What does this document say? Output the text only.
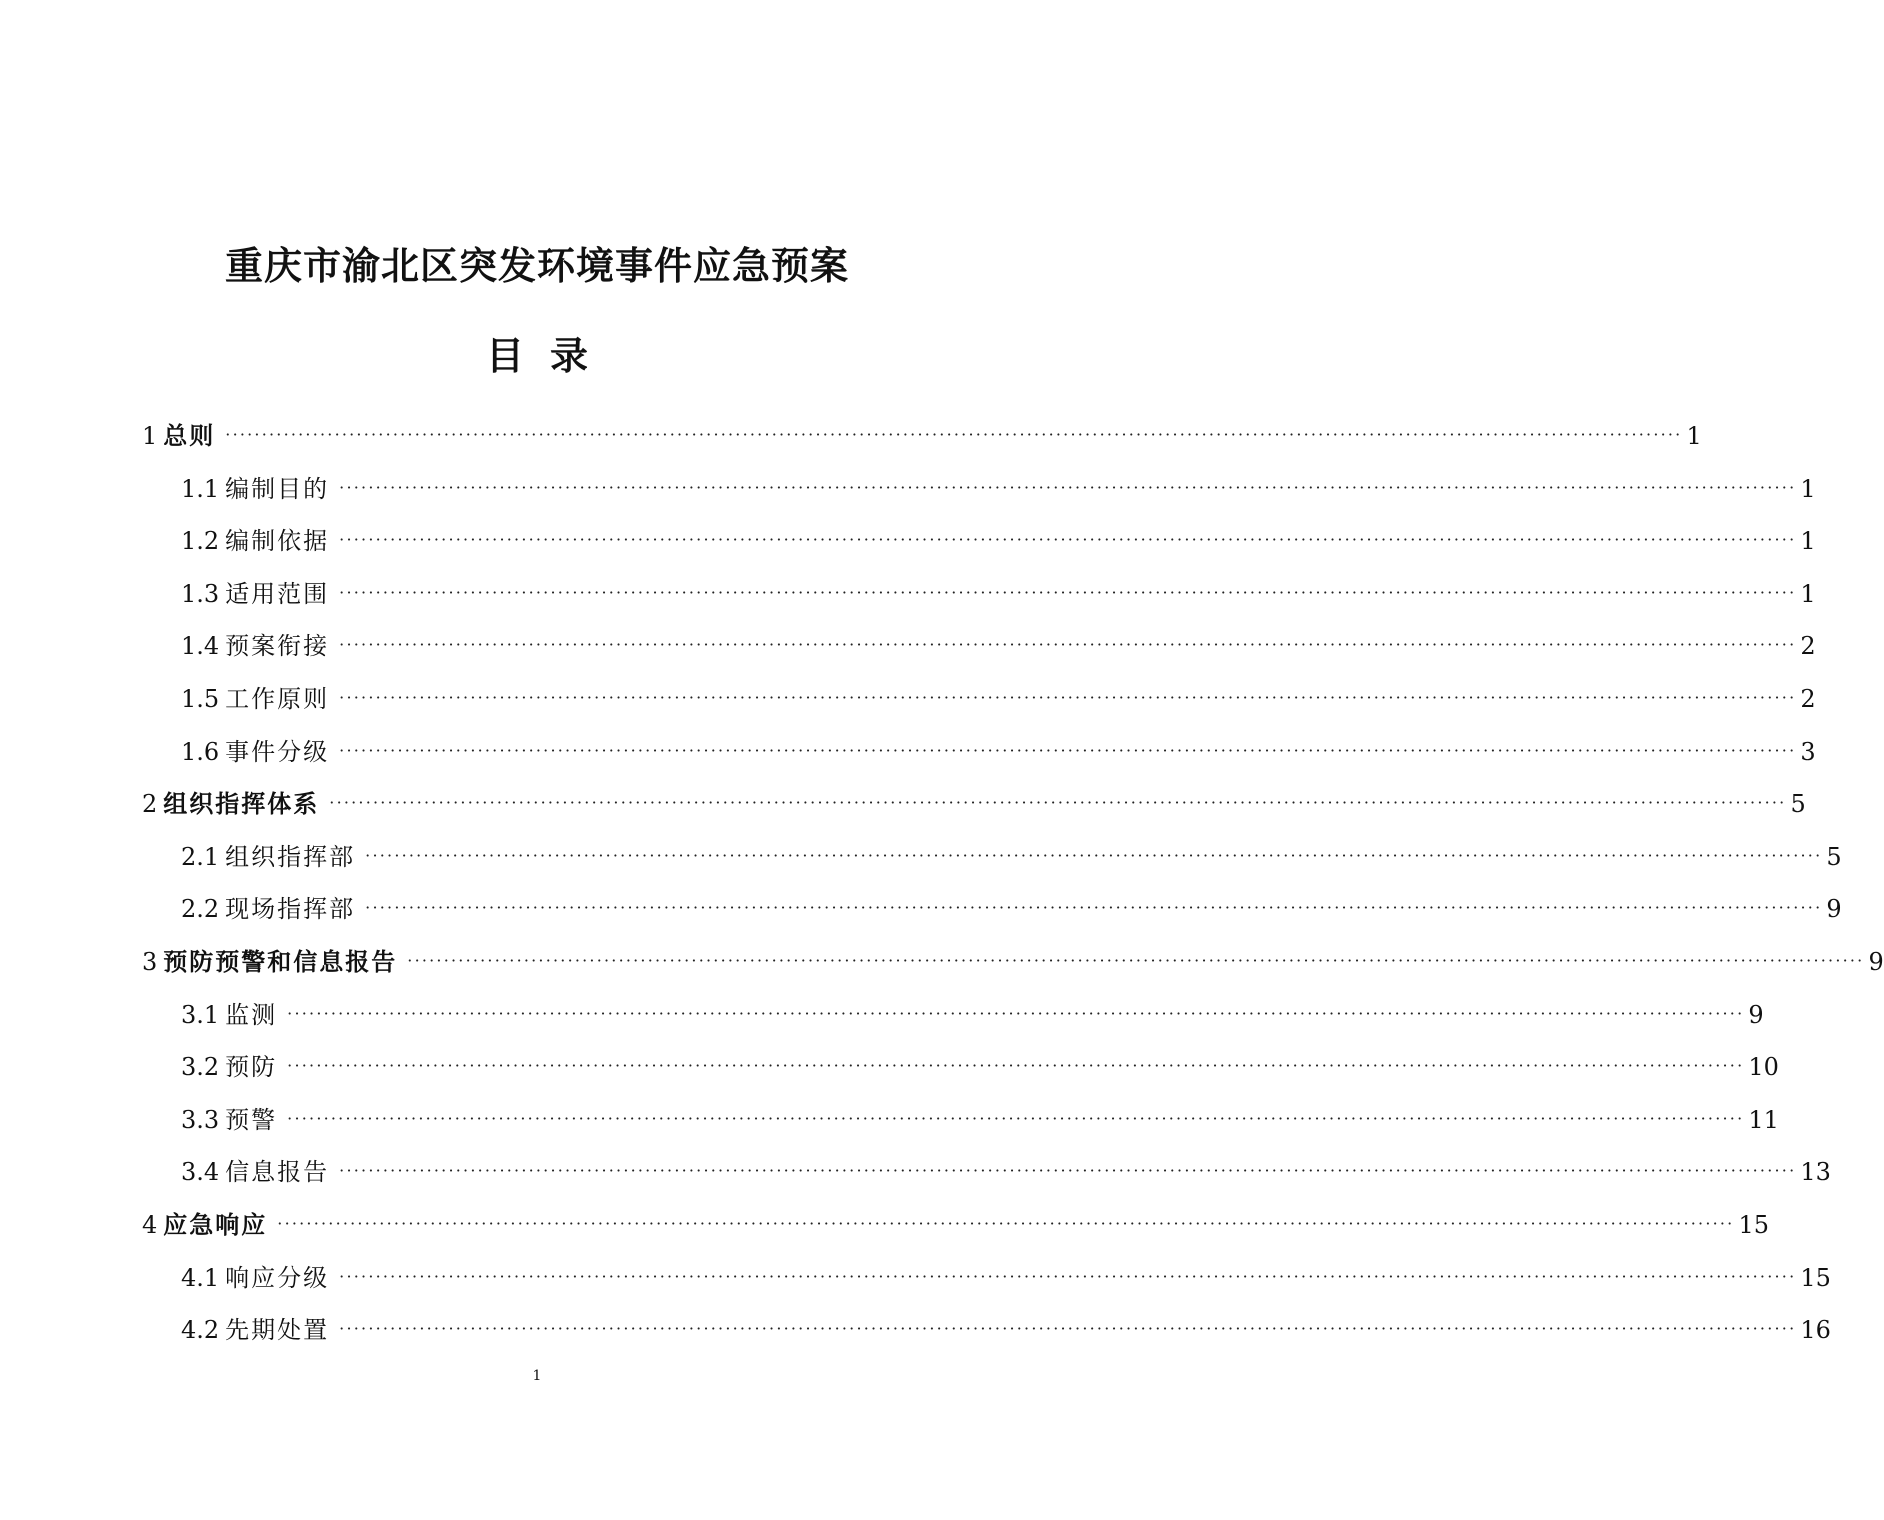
重庆市渝北区突发环境事件应急预案
目 录
1 总则 ········································································································································································································ 1
1.1 编制目的 ········································································································································································································ 1
1.2 编制依据 ········································································································································································································ 1
1.3 适用范围 ········································································································································································································ 1
1.4 预案衔接 ········································································································································································································ 2
1.5 工作原则 ········································································································································································································ 2
1.6 事件分级 ········································································································································································································ 3
2 组织指挥体系 ········································································································································································································ 5
2.1 组织指挥部 ········································································································································································································ 5
2.2 现场指挥部 ········································································································································································································ 9
3 预防预警和信息报告 ········································································································································································································ 9
3.1 监测 ········································································································································································································ 9
3.2 预防 ········································································································································································································ 10
3.3 预警 ········································································································································································································ 11
3.4 信息报告 ········································································································································································································ 13
4 应急响应 ········································································································································································································ 15
4.1 响应分级 ········································································································································································································ 15
4.2 先期处置 ········································································································································································································ 16
1
